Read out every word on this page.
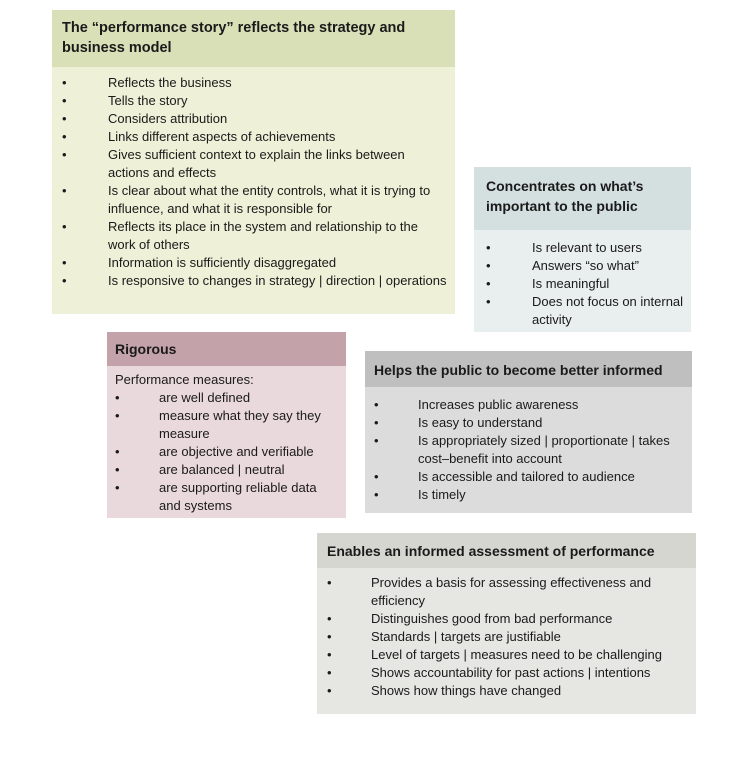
The “performance story” reflects the strategy and business model
•	Reflects the business
•	Tells the story
•	Considers attribution
•	Links different aspects of achievements
•	Gives sufficient context to explain the links between actions and effects
•	Is clear about what the entity controls, what it is trying to influence, and what it is responsible for
•	Reflects its place in the system and relationship to the work of others
•	Information is sufficiently disaggregated
•	Is responsive to changes in strategy | direction | operations
Concentrates on what’s important to the public
•	Is relevant to users
•	Answers “so what”
•	Is meaningful
•	Does not focus on internal activity
Rigorous
Performance measures:
•	are well defined
•	measure what they say they measure
•	are objective and verifiable
•	are balanced | neutral
•	are supporting reliable data and systems
Helps the public to become better informed
•	Increases public awareness
•	Is easy to understand
•	Is appropriately sized | proportionate | takes cost–benefit into account
•	Is accessible and tailored to audience
•	Is timely
Enables an informed assessment of performance
•	Provides a basis for assessing effectiveness and efficiency
•	Distinguishes good from bad performance
•	Standards | targets are justifiable
•	Level of targets | measures need to be challenging
•	Shows accountability for past actions | intentions
•	Shows how things have changed
